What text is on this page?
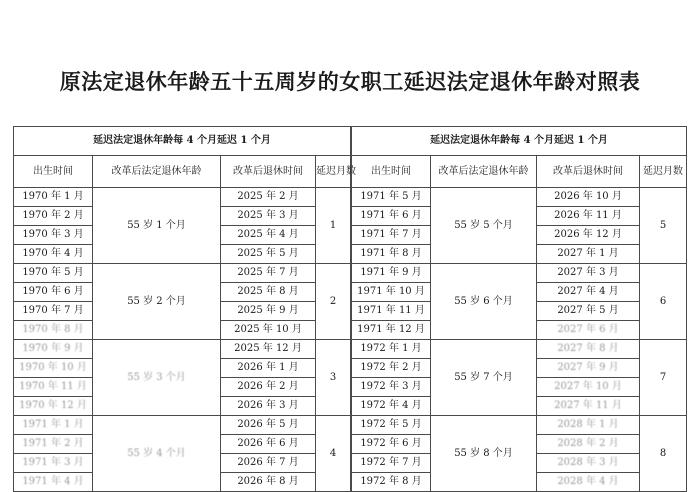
原法定退休年龄五十五周岁的女职工延迟法定退休年龄对照表
延迟法定退休年龄每 4 个月延迟 1 个月			
出生时间	改革后法定退休年龄	改革后退休时间	延迟月数
1970 年 1 月	55 岁 1 个月	2025 年 2 月	1
1970 年 2 月		2025 年 3 月	
1970 年 3 月		2025 年 4 月	
1970 年 4 月		2025 年 5 月	
1970 年 5 月	55 岁 2 个月	2025 年 7 月	2
1970 年 6 月		2025 年 8 月	
1970 年 7 月		2025 年 9 月	
1970 年 8 月		2025 年 10 月	
1970 年 9 月	55 岁 3 个月	2025 年 12 月	3
1970 年 10 月		2026 年 1 月	
1970 年 11 月		2026 年 2 月	
1970 年 12 月		2026 年 3 月	
1971 年 1 月	55 岁 4 个月	2026 年 5 月	4
1971 年 2 月		2026 年 6 月	
1971 年 3 月		2026 年 7 月	
1971 年 4 月		2026 年 8 月	
延迟法定退休年龄每 4 个月延迟 1 个月			
出生时间	改革后法定退休年龄	改革后退休时间	延迟月数
1971 年 5 月	55 岁 5 个月	2026 年 10 月	5
1971 年 6 月		2026 年 11 月	
1971 年 7 月		2026 年 12 月	
1971 年 8 月		2027 年 1 月	
1971 年 9 月	55 岁 6 个月	2027 年 3 月	6
1971 年 10 月		2027 年 4 月	
1971 年 11 月		2027 年 5 月	
1971 年 12 月		2027 年 6 月	
1972 年 1 月	55 岁 7 个月	2027 年 8 月	7
1972 年 2 月		2027 年 9 月	
1972 年 3 月		2027 年 10 月	
1972 年 4 月		2027 年 11 月	
1972 年 5 月	55 岁 8 个月	2028 年 1 月	8
1972 年 6 月		2028 年 2 月	
1972 年 7 月		2028 年 3 月	
1972 年 8 月		2028 年 4 月	
